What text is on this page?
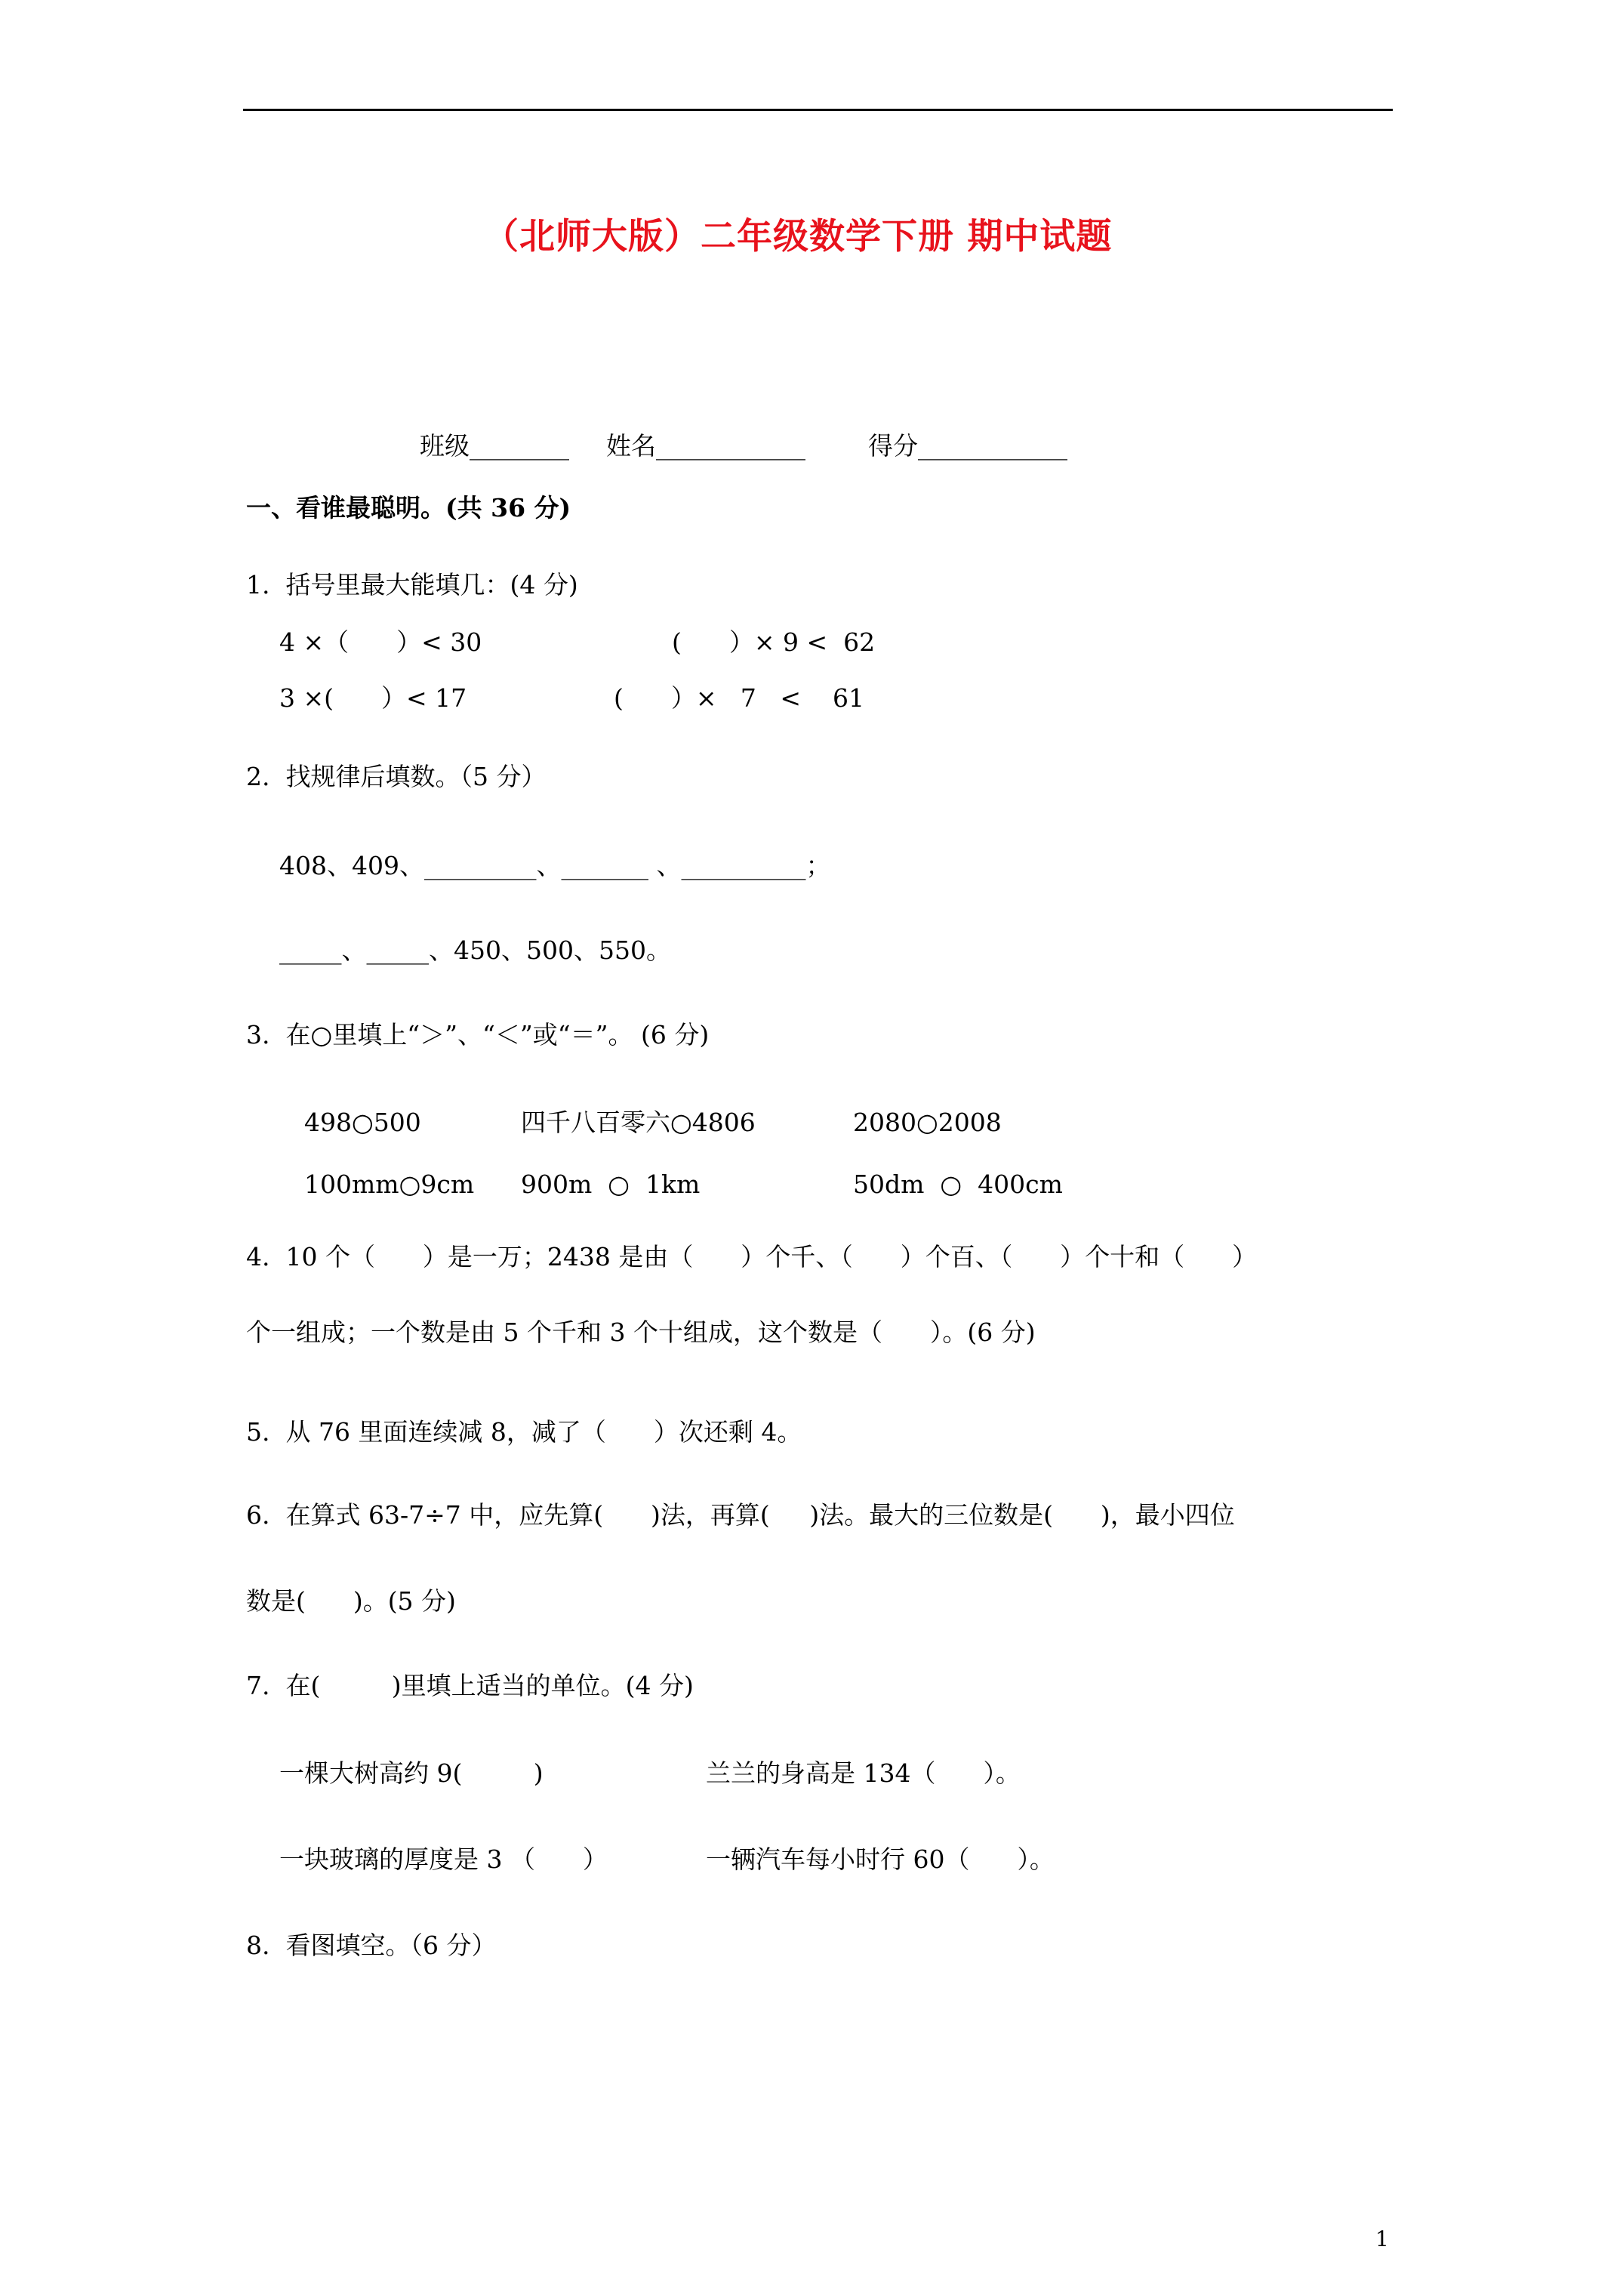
（北师大版）二年级数学下册 期中试题
班级________ 姓名____________	得分____________
一、看谁最聪明。(共 36 分)
1.  括号里最大能填几：(4 分)
4 ×（      ）< 30	(      ）× 9 <  62
3 ×(      ）< 17	(      ）×   7   <    61
2.  找规律后填数。（5 分）
408、409、_________、_______ 、__________；
_____、_____、450、500、550。
3.  在○里填上“＞”、“＜”或“＝”。 (6 分)
498○500	四千八百零六○4806	2080○2008
100mm○9cm 900m  ○  1km	50dm  ○  400cm
4.  10 个（      ）是一万；2438 是由（      ）个千、（      ）个百、（      ）个十和（      ）
个一组成；一个数是由 5 个千和 3 个十组成，这个数是（      ）。(6 分)
5.  从 76 里面连续减 8，减了（      ）次还剩 4。
6.  在算式 63-7÷7 中，应先算(      )法，再算(     )法。最大的三位数是(      )，最小四位
数是(      )。(5 分)
7.  在(         )里填上适当的单位。(4 分)
一棵大树高约 9(         )	兰兰的身高是 134（      ）。
一块玻璃的厚度是 3 （      ）	一辆汽车每小时行 60（      ）。
8.  看图填空。（6 分）
1
